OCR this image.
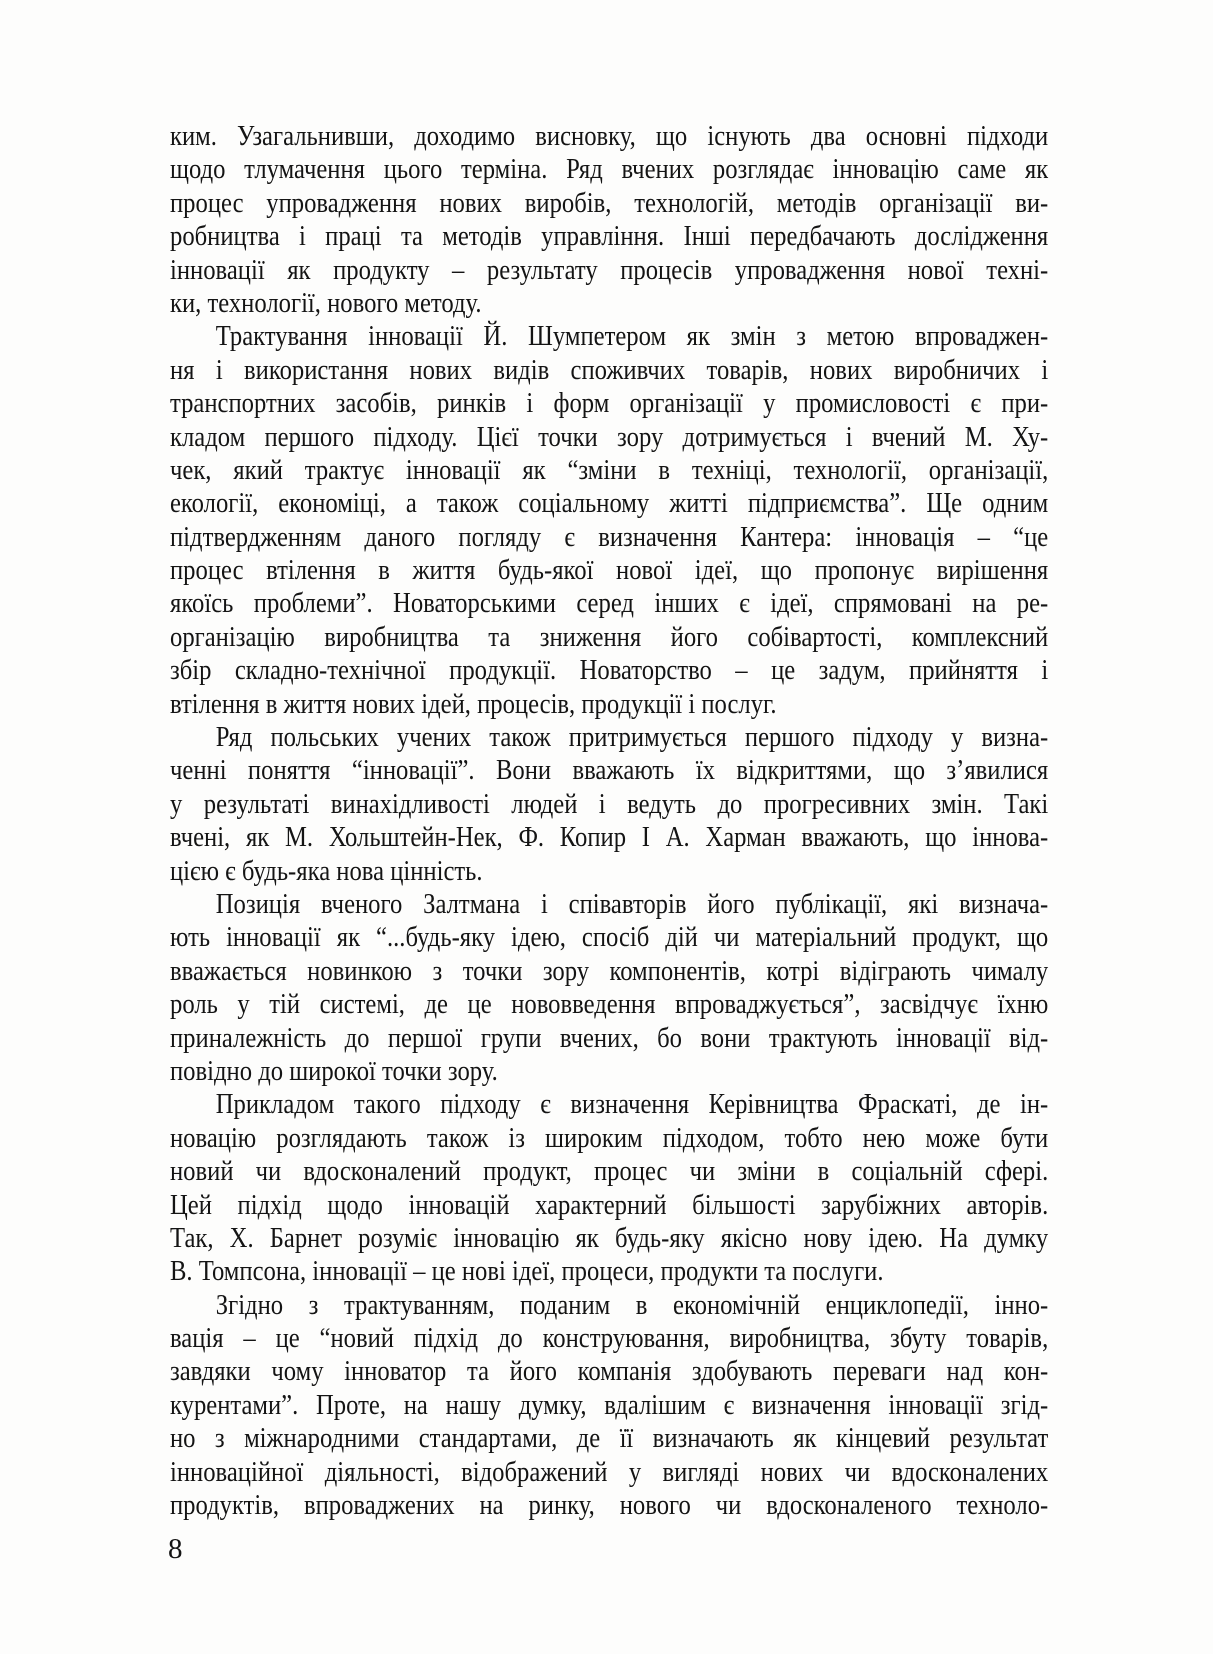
ким. Узагальнивши, доходимо висновку, що існують два основні підходи
щодо тлумачення цього терміна. Ряд вчених розглядає інновацію саме як
процес упровадження нових виробів, технологій, методів організації ви-
робництва і праці та методів управління. Інші передбачають дослідження
інновації як продукту – результату процесів упровадження нової техні-
ки, технології, нового методу.
Трактування інновації Й. Шумпетером як змін з метою впроваджен-
ня і використання нових видів споживчих товарів, нових виробничих і
транспортних засобів, ринків і форм організації у промисловості є при-
кладом першого підходу. Цієї точки зору дотримується і вчений М. Ху-
чек, який трактує інновації як “зміни в техніці, технології, організації,
екології, економіці, а також соціальному житті підприємства”. Ще одним
підтвердженням даного погляду є визначення Кантера: інновація – “це
процес втілення в життя будь-якої нової ідеї, що пропонує вирішення
якоїсь проблеми”. Новаторськими серед інших є ідеї, спрямовані на ре-
організацію виробництва та зниження його собівартості, комплексний
збір складно-технічної продукції. Новаторство – це задум, прийняття і
втілення в життя нових ідей, процесів, продукції і послуг.
Ряд польських учених також притримується першого підходу у визна-
ченні поняття “інновації”. Вони вважають їх відкриттями, що з’явилися
у результаті винахідливості людей і ведуть до прогресивних змін. Такі
вчені, як М. Хольштейн-Нек, Ф. Копир І А. Харман вважають, що іннова-
цією є будь-яка нова цінність.
Позиція вченого Залтмана і співавторів його публікації, які визнача-
ють інновації як “...будь-яку ідею, спосіб дій чи матеріальний продукт, що
вважається новинкою з точки зору компонентів, котрі відіграють чималу
роль у тій системі, де це нововведення впроваджується”, засвідчує їхню
приналежність до першої групи вчених, бо вони трактують інновації від-
повідно до широкої точки зору.
Прикладом такого підходу є визначення Керівництва Фраскаті, де ін-
новацію розглядають також із широким підходом, тобто нею може бути
новий чи вдосконалений продукт, процес чи зміни в соціальній сфері.
Цей підхід щодо інновацій характерний більшості зарубіжних авторів.
Так, Х. Барнет розуміє інновацію як будь-яку якісно нову ідею. На думку
В. Томпсона, інновації – це нові ідеї, процеси, продукти та послуги.
Згідно з трактуванням, поданим в економічній енциклопедії, інно-
вація – це “новий підхід до конструювання, виробництва, збуту товарів,
завдяки чому інноватор та його компанія здобувають переваги над кон-
курентами”. Проте, на нашу думку, вдалішим є визначення інновації згід-
но з міжнародними стандартами, де її визначають як кінцевий результат
інноваційної діяльності, відображений у вигляді нових чи вдосконалених
продуктів, впроваджених на ринку, нового чи вдосконаленого техноло-
8
